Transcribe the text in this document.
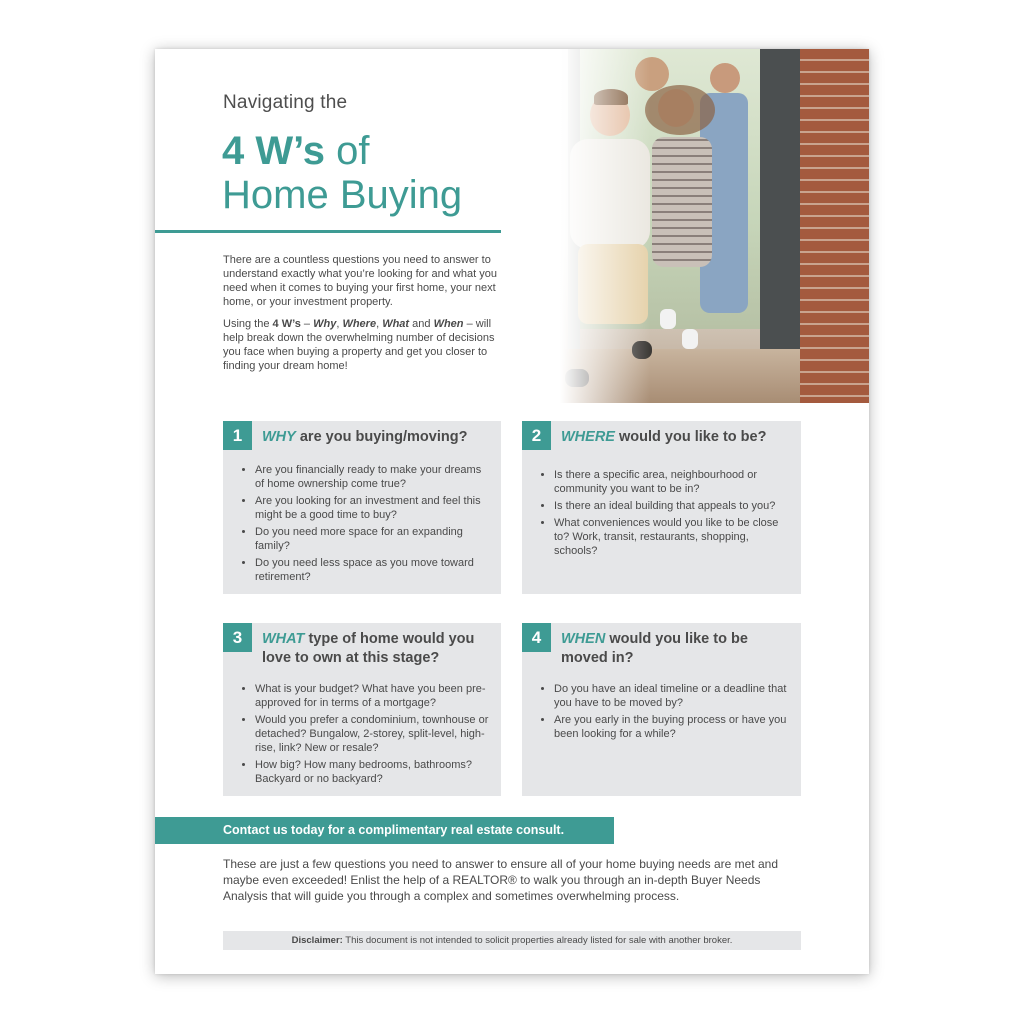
Navigating the
4 W’s of
Home Buying

There are a countless questions you need to answer to understand exactly what you’re looking for and what you need when it comes to buying your first home, your next home, or your investment property.

Using the 4 W’s – Why, Where, What and When – will help break down the overwhelming number of decisions you face when buying a property and get you closer to finding your dream home!

1	WHY are you buying/moving?
• Are you financially ready to make your dreams of home ownership come true?
• Are you looking for an investment and feel this might be a good time to buy?
• Do you need more space for an expanding family?
• Do you need less space as you move toward retirement?
2	WHERE would you like to be?
• Is there a specific area, neighbourhood or community you want to be in?
• Is there an ideal building that appeals to you?
• What conveniences would you like to be close to? Work, transit, restaurants, shopping, schools?
3	WHAT type of home would you love to own at this stage?
• What is your budget? What have you been pre-approved for in terms of a mortgage?
• Would you prefer a condominium, townhouse or detached? Bungalow, 2-storey, split-level, high-rise, link? New or resale?
• How big? How many bedrooms, bathrooms? Backyard or no backyard?
4	WHEN would you like to be moved in?
• Do you have an ideal timeline or a deadline that you have to be moved by?
• Are you early in the buying process or have you been looking for a while?
Contact us today for a complimentary real estate consult.
These are just a few questions you need to answer to ensure all of your home buying needs are met and maybe even exceeded! Enlist the help of a REALTOR® to walk you through an in-depth Buyer Needs Analysis that will guide you through a complex and sometimes overwhelming process.
Disclaimer: This document is not intended to solicit properties already listed for sale with another broker.
